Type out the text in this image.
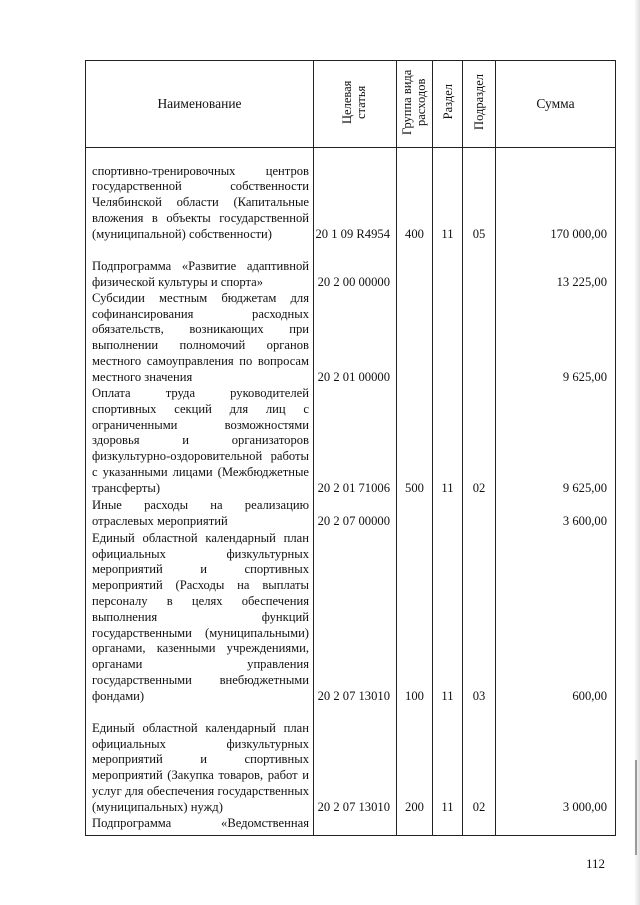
Наименование	Целевая статья	Группа вида расходов	Раздел	Подраздел	Сумма
спортивно-тренировочных центров государственной собственности Челябинской области (Капитальные вложения в объекты государственной (муниципальной) собственности)	20 1 09 R4954	400	11	05	170 000,00
Подпрограмма «Развитие адаптивной физической культуры и спорта»	20 2 00 00000				13 225,00
Субсидии местным бюджетам для софинансирования расходных обязательств, возникающих при выполнении полномочий органов местного самоуправления по вопросам местного значения	20 2 01 00000				9 625,00
Оплата труда руководителей спортивных секций для лиц с ограниченными возможностями здоровья и организаторов физкультурно-оздоровительной работы с указанными лицами (Межбюджетные трансферты)	20 2 01 71006	500	11	02	9 625,00
Иные расходы на реализацию отраслевых мероприятий	20 2 07 00000				3 600,00
Единый областной календарный план официальных физкультурных мероприятий и спортивных мероприятий (Расходы на выплаты персоналу в целях обеспечения выполнения функций государственными (муниципальными) органами, казенными учреждениями, органами управления государственными внебюджетными фондами)	20 2 07 13010	100	11	03	600,00
Единый областной календарный план официальных физкультурных мероприятий и спортивных мероприятий (Закупка товаров, работ и услуг для обеспечения государственных (муниципальных) нужд)	20 2 07 13010	200	11	02	3 000,00
Подпрограмма «Ведомственная					
112
